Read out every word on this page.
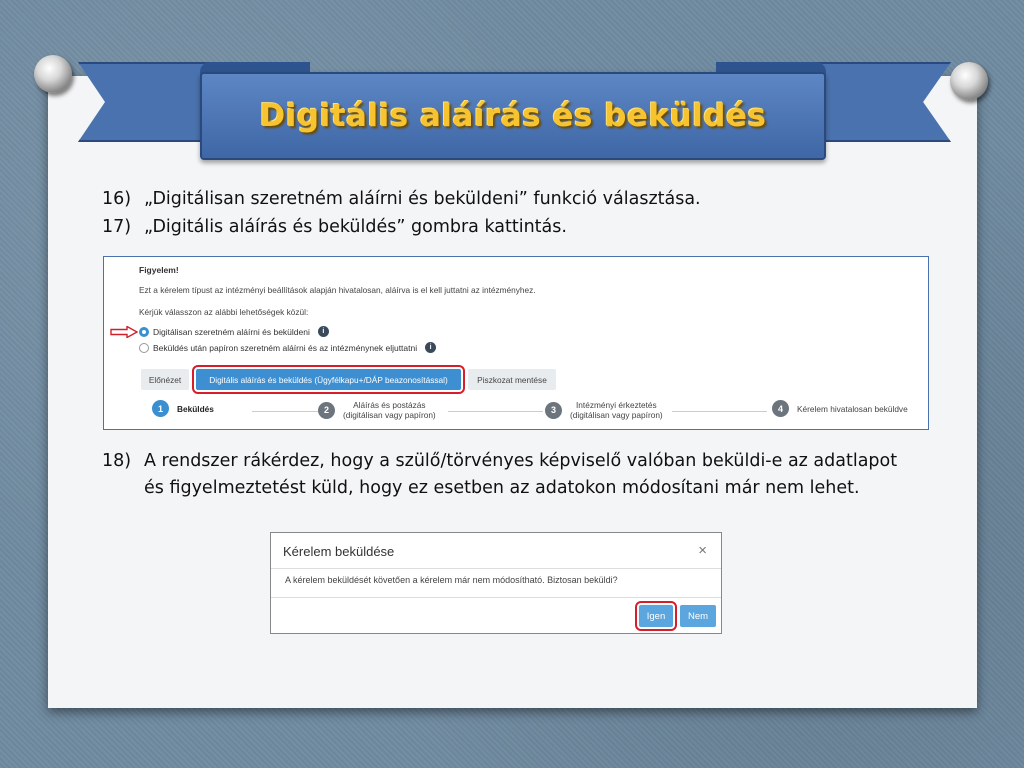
Digitális aláírás és beküldés
16) „Digitálisan szeretném aláírni és beküldeni” funkció választása.
17) „Digitális aláírás és beküldés” gombra kattintás.
Figyelem!
Ezt a kérelem típust az intézményi beállítások alapján hivatalosan, aláírva is el kell juttatni az intézményhez.
Kérjük válasszon az alábbi lehetőségek közül:
Digitálisan szeretném aláírni és beküldeni	i
Beküldés után papíron szeretném aláírni és az intézménynek eljuttatni	i
Előnézet	Digitális aláírás és beküldés (Ügyfélkapu+/DÁP beazonosítással)	Piszkozat mentése
1	Beküldés	2	Aláírás és postázás
(digitálisan vagy papíron)	3	Intézményi érkeztetés
(digitálisan vagy papíron)
4	Kérelem hivatalosan beküldve
18) A rendszer rákérdez, hogy a szülő/törvényes képviselő valóban beküldi-e az adatlapot és figyelmeztetést küld, hogy ez esetben az adatokon módosítani már nem lehet.
Kérelem beküldése	×
A kérelem beküldését követően a kérelem már nem módosítható. Biztosan beküldi?
Igen	Nem
